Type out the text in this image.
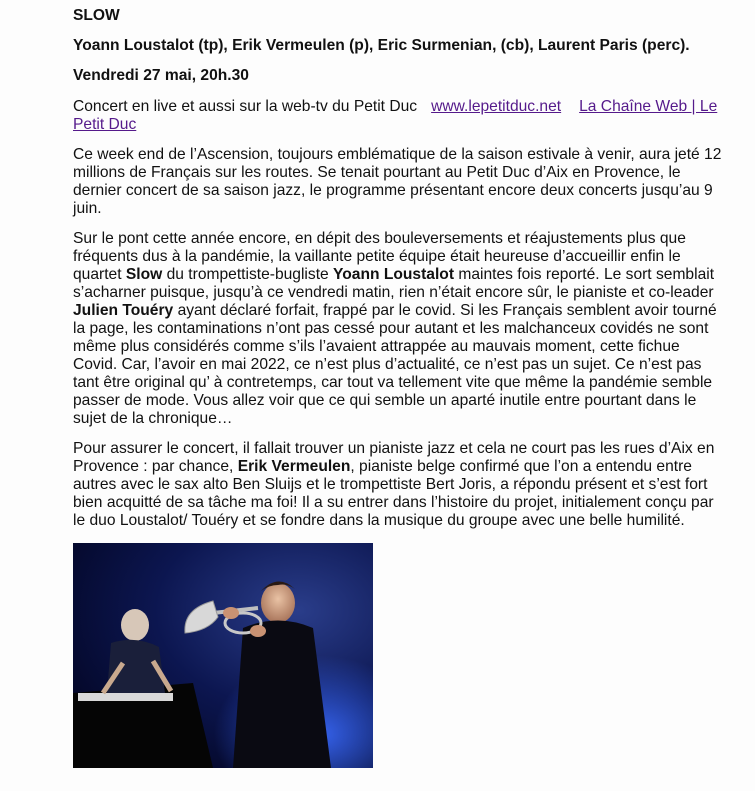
SLOW
Yoann Loustalot (tp), Erik Vermeulen (p), Eric Surmenian, (cb), Laurent Paris (perc).
Vendredi 27 mai, 20h.30

Concert en live et aussi sur la web-tv du Petit Duc www.lepetitduc.net La Chaîne Web | Le Petit Duc

Ce week end de l’Ascension, toujours emblématique de la saison estivale à venir, aura jeté 12 millions de Français sur les routes. Se tenait pourtant au Petit Duc d’Aix en Provence, le dernier concert de sa saison jazz, le programme présentant encore deux concerts jusqu’au 9 juin.

Sur le pont cette année encore, en dépit des bouleversements et réajustements plus que fréquents dus à la pandémie, la vaillante petite équipe était heureuse d’accueillir enfin le quartet Slow du trompettiste-bugliste Yoann Loustalot maintes fois reporté. Le sort semblait s’acharner puisque, jusqu’à ce vendredi matin, rien n’était encore sûr, le pianiste et co-leader Julien Touéry ayant déclaré forfait, frappé par le covid. Si les Français semblent avoir tourné la page, les contaminations n’ont pas cessé pour autant et les malchanceux covidés ne sont même plus considérés comme s’ils l’avaient attrappée au mauvais moment, cette fichue Covid. Car, l’avoir en mai 2022, ce n’est plus d’actualité, ce n’est pas un sujet. Ce n’est pas tant être original qu’ à contretemps, car tout va tellement vite que même la pandémie semble passer de mode. Vous allez voir que ce qui semble un aparté inutile entre pourtant dans le sujet de la chronique…

Pour assurer le concert, il fallait trouver un pianiste jazz et cela ne court pas les rues d’Aix en Provence : par chance, Erik Vermeulen, pianiste belge confirmé que l’on a entendu entre autres avec le sax alto Ben Sluijs et le trompettiste Bert Joris, a répondu présent et s’est fort bien acquitté de sa tâche ma foi! Il a su entrer dans l’histoire du projet, initialement conçu par le duo Loustalot/ Touéry et se fondre dans la musique du groupe avec une belle humilité.
